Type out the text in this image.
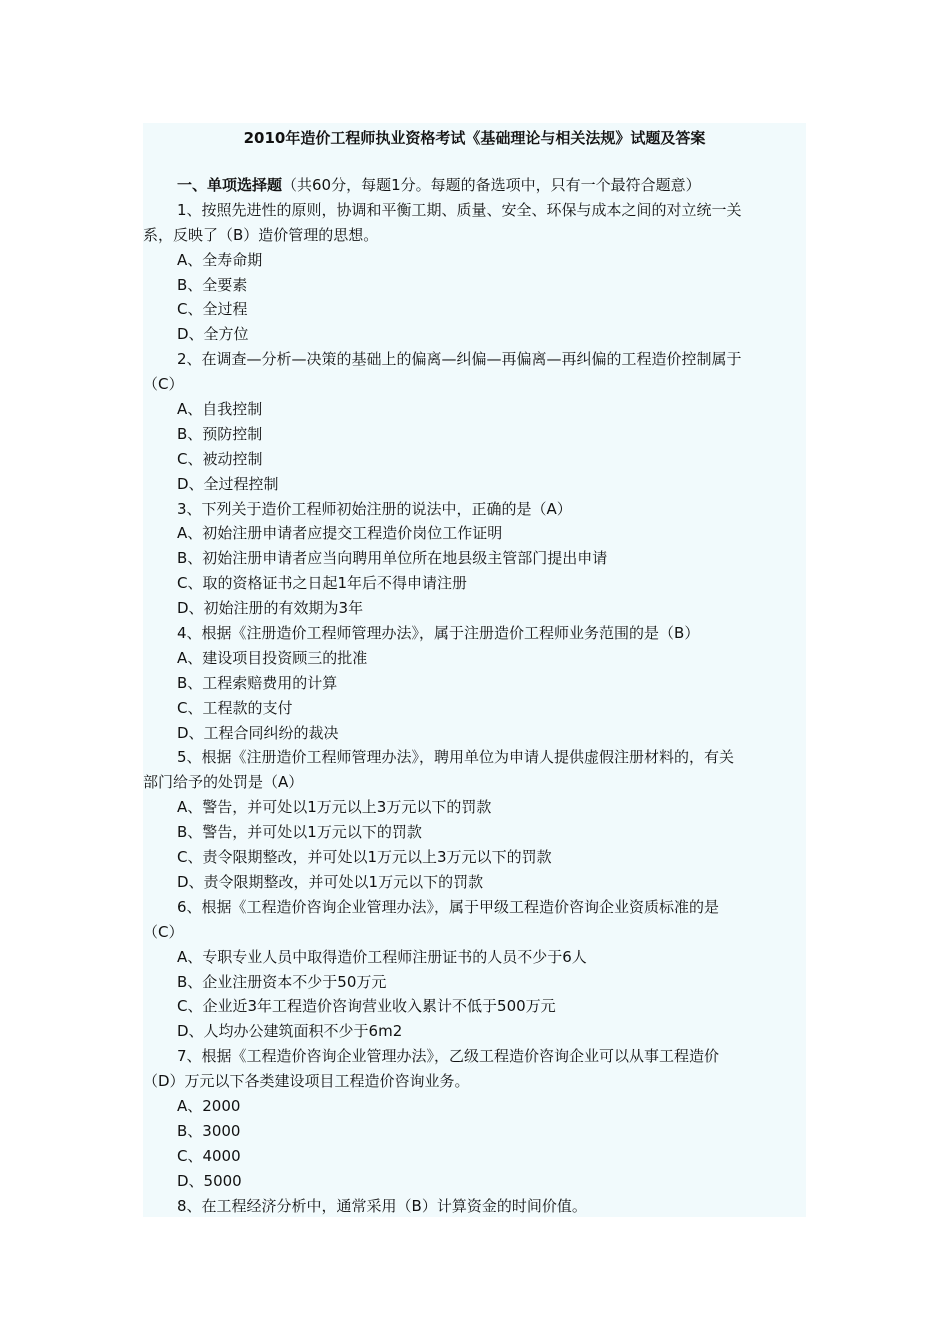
2010年造价工程师执业资格考试《基础理论与相关法规》试题及答案
一、单项选择题（共60分，每题1分。每题的备选项中，只有一个最符合题意）
1、按照先进性的原则，协调和平衡工期、质量、安全、环保与成本之间的对立统一关
系，反映了（B）造价管理的思想。
A、全寿命期
B、全要素
C、全过程
D、全方位
2、在调查—分析—决策的基础上的偏离—纠偏—再偏离—再纠偏的工程造价控制属于
（C）
A、自我控制
B、预防控制
C、被动控制
D、全过程控制
3、下列关于造价工程师初始注册的说法中，正确的是（A）
A、初始注册申请者应提交工程造价岗位工作证明
B、初始注册申请者应当向聘用单位所在地县级主管部门提出申请
C、取的资格证书之日起1年后不得申请注册
D、初始注册的有效期为3年
4、根据《注册造价工程师管理办法》，属于注册造价工程师业务范围的是（B）
A、建设项目投资顾三的批准
B、工程索赔费用的计算
C、工程款的支付
D、工程合同纠纷的裁决
5、根据《注册造价工程师管理办法》，聘用单位为申请人提供虚假注册材料的，有关
部门给予的处罚是（A）
A、警告，并可处以1万元以上3万元以下的罚款
B、警告，并可处以1万元以下的罚款
C、责令限期整改，并可处以1万元以上3万元以下的罚款
D、责令限期整改，并可处以1万元以下的罚款
6、根据《工程造价咨询企业管理办法》，属于甲级工程造价咨询企业资质标准的是
（C）
A、专职专业人员中取得造价工程师注册证书的人员不少于6人
B、企业注册资本不少于50万元
C、企业近3年工程造价咨询营业收入累计不低于500万元
D、人均办公建筑面积不少于6m2
7、根据《工程造价咨询企业管理办法》，乙级工程造价咨询企业可以从事工程造价
（D）万元以下各类建设项目工程造价咨询业务。
A、2000
B、3000
C、4000
D、5000
8、在工程经济分析中，通常采用（B）计算资金的时间价值。
